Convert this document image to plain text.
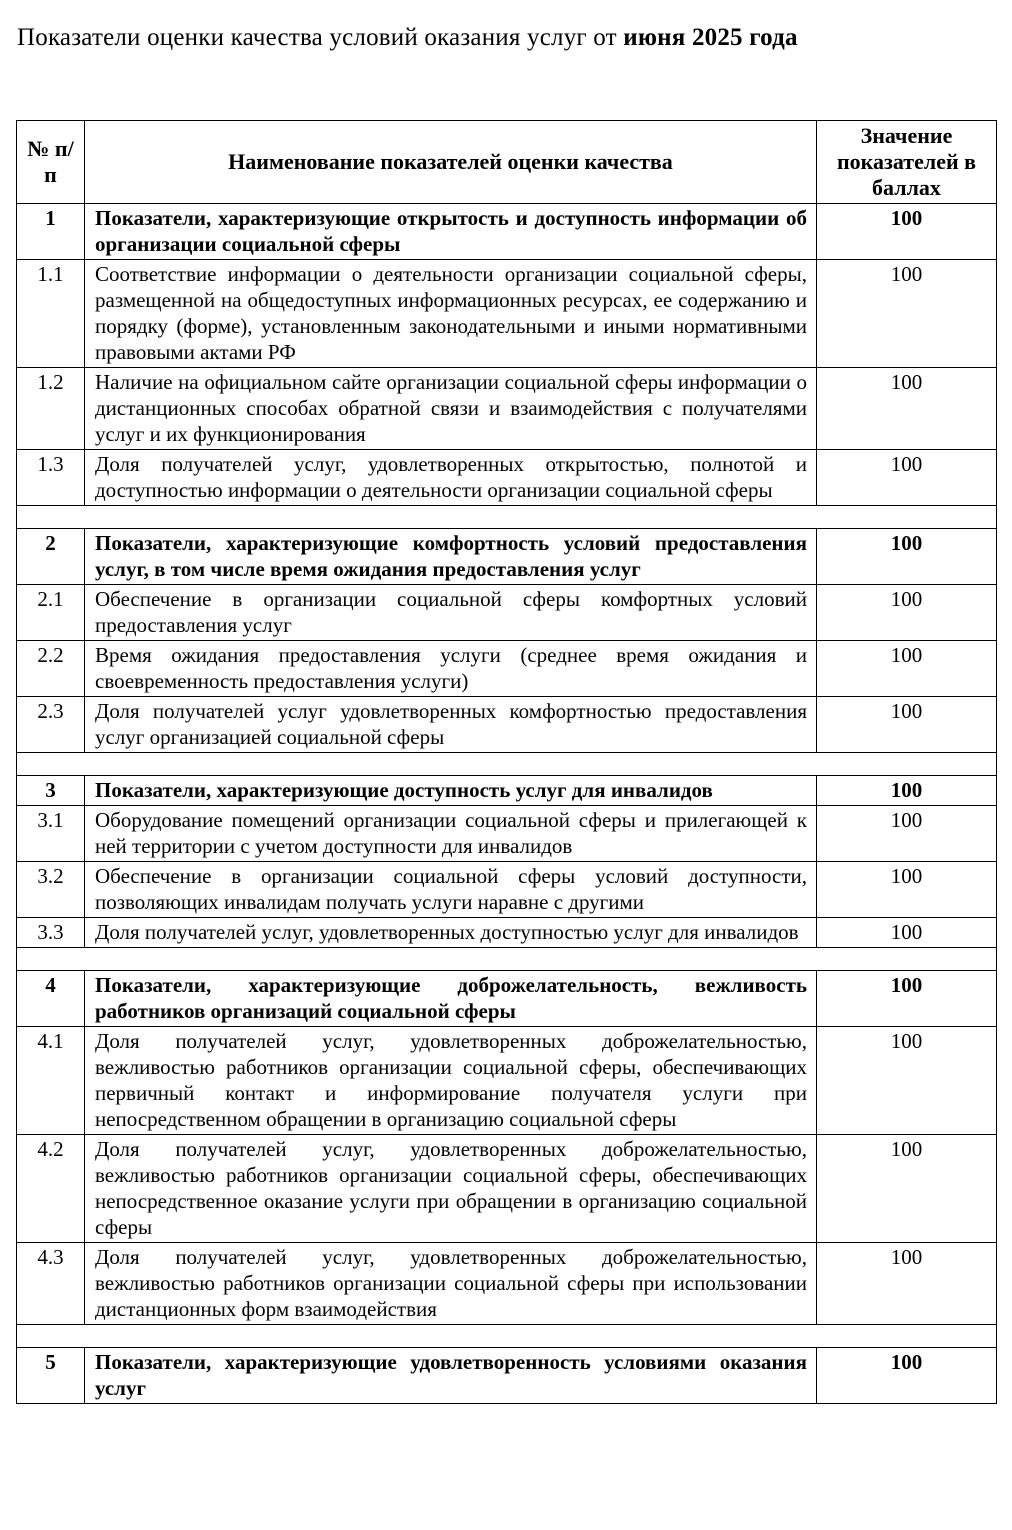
Показатели оценки качества условий оказания услуг от июня 2025 года
№ п/п	Наименование показателей оценки качества	Значение показателей в баллах
1	Показатели, характеризующие открытость и доступность информации об организации социальной сферы	100
1.1	Соответствие информации о деятельности организации социальной сферы, размещенной на общедоступных информационных ресурсах, ее содержанию и порядку (форме), установленным законодательными и иными нормативными правовыми актами РФ	100
1.2	Наличие на официальном сайте организации социальной сферы информации о дистанционных способах обратной связи и взаимодействия с получателями услуг и их функционирования	100
1.3	Доля получателей услуг, удовлетворенных открытостью, полнотой и доступностью информации о деятельности организации социальной сферы	100

2	Показатели, характеризующие комфортность условий предоставления услуг, в том числе время ожидания предоставления услуг	100
2.1	Обеспечение в организации социальной сферы комфортных условий предоставления услуг	100
2.2	Время ожидания предоставления услуги (среднее время ожидания и своевременность предоставления услуги)	100
2.3	Доля получателей услуг удовлетворенных комфортностью предоставления услуг организацией социальной сферы	100

3	Показатели, характеризующие доступность услуг для инвалидов	100
3.1	Оборудование помещений организации социальной сферы и прилегающей к ней территории с учетом доступности для инвалидов	100
3.2	Обеспечение в организации социальной сферы условий доступности, позволяющих инвалидам получать услуги наравне с другими	100
3.3	Доля получателей услуг, удовлетворенных доступностью услуг для инвалидов	100

4	Показатели, характеризующие доброжелательность, вежливость работников организаций социальной сферы	100
4.1	Доля получателей услуг, удовлетворенных доброжелательностью, вежливостью работников организации социальной сферы, обеспечивающих первичный контакт и информирование получателя услуги при непосредственном обращении в организацию социальной сферы	100
4.2	Доля получателей услуг, удовлетворенных доброжелательностью, вежливостью работников организации социальной сферы, обеспечивающих непосредственное оказание услуги при обращении в организацию социальной сферы	100
4.3	Доля получателей услуг, удовлетворенных доброжелательностью, вежливостью работников организации социальной сферы при использовании дистанционных форм взаимодействия	100

5	Показатели, характеризующие удовлетворенность условиями оказания услуг	100
